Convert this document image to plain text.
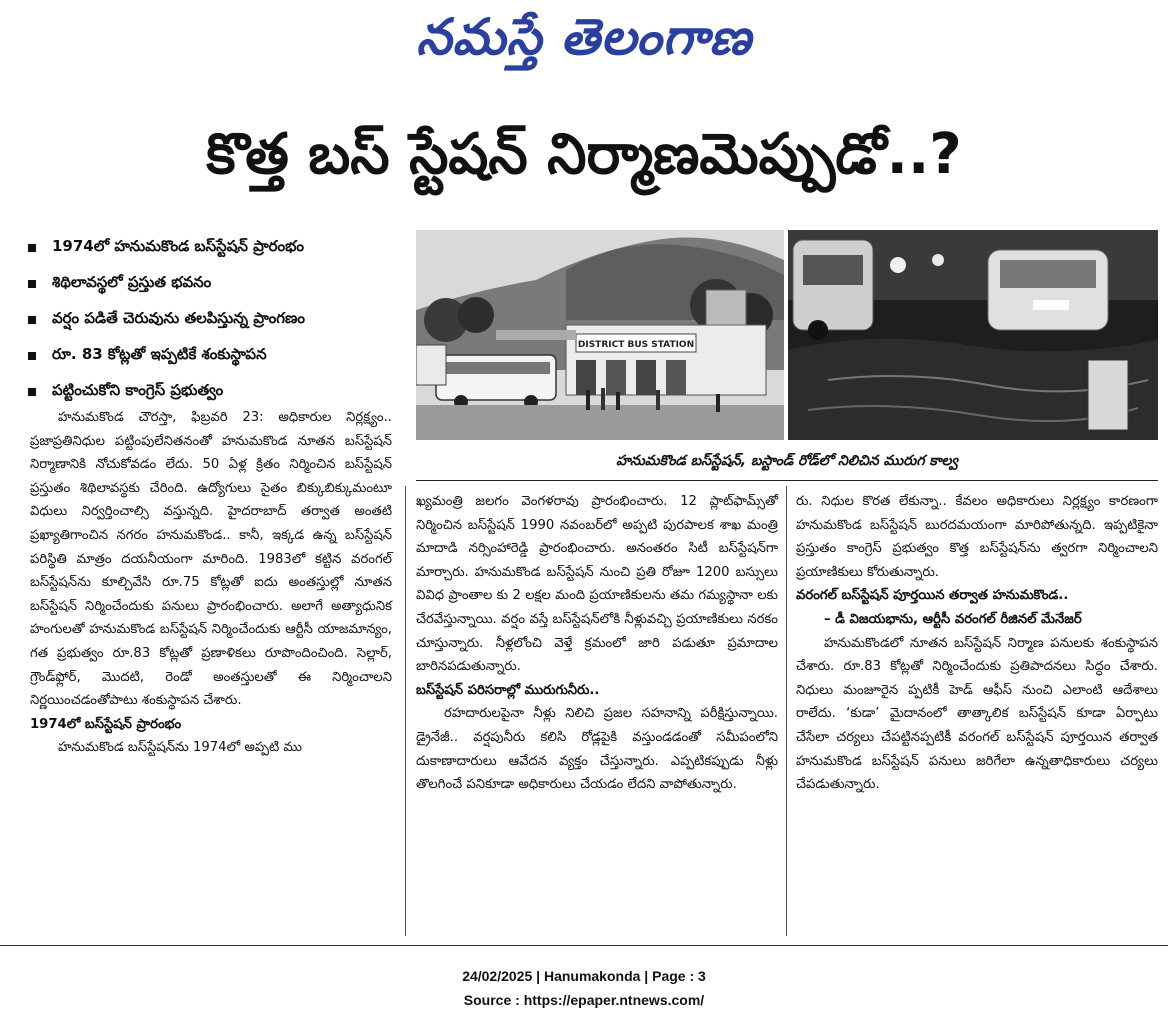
నమస్తే తెలంగాణ
కొత్త బస్ స్టేషన్ నిర్మాణమెప్పుడో..?
1974లో హనుమకొండ బస్‌స్టేషన్ ప్రారంభం
శిథిలావస్థలో ప్రస్తుత భవనం
వర్షం పడితే చెరువును తలపిస్తున్న ప్రాంగణం
రూ. 83 కోట్లతో ఇప్పటికే శంకుస్థాపన
పట్టించుకోని కాంగ్రెస్ ప్రభుత్వం
DISTRICT BUS STATION
హనుమకొండ బస్‌స్టేషన్, బస్టాండ్ రోడ్‌లో నిలిచిన మురుగ కాల్వ

హనుమకొండ చౌరస్తా, ఫిబ్రవరి 23: అధికారుల నిర్లక్ష్యం.. ప్రజాప్రతినిధుల పట్టింపులేనితనంతో హనుమకొండ నూతన బస్‌స్టేషన్ నిర్మాణానికి నోచుకోవడం లేదు. 50 ఏళ్ల క్రితం నిర్మించిన బస్‌స్టేషన్ ప్రస్తుతం శిథిలావస్థకు చేరింది. ఉద్యోగులు సైతం బిక్కుబిక్కుమంటూ విధులు నిర్వర్తించాల్సి వస్తున్నది. హైదరాబాద్ తర్వాత అంతటి ప్రఖ్యాతిగాంచిన నగరం హనుమకొండ.. కానీ, ఇక్కడ ఉన్న బస్‌స్టేషన్ పరిస్థితి మాత్రం దయనీయంగా మారింది. 1983లో కట్టిన వరంగల్ బస్‌స్టేషన్‌ను కూల్చివేసి రూ.75 కోట్లతో ఐదు అంతస్తుల్లో నూతన బస్‌స్టేషన్ నిర్మించేందుకు పనులు ప్రారంభించారు. అలాగే అత్యాధునిక హంగులతో హనుమకొండ బస్‌స్టేషన్ నిర్మించేందుకు ఆర్టీసీ యాజమాన్యం, గత ప్రభుత్వం రూ.83 కోట్లతో ప్రణాళికలు రూపొందించింది. సెల్లార్, గ్రౌండ్‌ఫ్లోర్, మొదటి, రెండో అంతస్తులతో ఈ నిర్మించాలని నిర్ణయించడంతోపాటు శంకుస్థాపన చేశారు.

1974లో బస్‌స్టేషన్ ప్రారంభం

హనుమకొండ బస్‌స్టేషన్‌ను 1974లో అప్పటి ము

ఖ్యమంత్రి జలగం వెంగళరావు ప్రారంభించారు. 12 ప్లాట్‌ఫామ్స్‌తో నిర్మించిన బస్‌స్టేషన్ 1990 నవంబర్‌లో అప్పటి పురపాలక శాఖ మంత్రి మాదాడి నర్సింహారెడ్డి ప్రారంభించారు. అనంతరం సిటీ బస్‌స్టేషన్‌గా మార్చారు. హనుమకొండ బస్‌స్టేషన్ నుంచి ప్రతి రోజూ 1200 బస్సులు వివిధ ప్రాంతాల కు 2 లక్షల మంది ప్రయాణికులను తమ గమ్యస్థానా లకు చేరవేస్తున్నాయి. వర్షం వస్తే బస్‌స్టేషన్‌లోకి నీళ్లువచ్చి ప్రయాణికులు నరకం చూస్తున్నారు. నీళ్లలోంచి వెళ్తే క్రమంలో జారి పడుతూ ప్రమాదాల బారినపడుతున్నారు.

బస్‌స్టేషన్ పరిసరాల్లో మురుగునీరు..

రహదారులపైనా నీళ్లు నిలిచి ప్రజల సహనాన్ని పరీక్షిస్తున్నాయి. డ్రైనేజీ.. వర్షపునీరు కలిసి రోడ్లపైకి వస్తుండడంతో సమీపంలోని దుకాణాదారులు ఆవేదన వ్యక్తం చేస్తున్నారు. ఎప్పటికప్పుడు నీళ్లు తొలగించే పనికూడా అధికారులు చేయడం లేదని వాపోతున్నారు.

రు. నిధుల కొరత లేకున్నా.. కేవలం అధికారులు నిర్లక్ష్యం కారణంగా హనుమకొండ బస్‌స్టేషన్ బురదమయంగా మారిపోతున్నది. ఇప్పటికైనా ప్రస్తుతం కాంగ్రెస్ ప్రభుత్వం కొత్త బస్‌స్టేషన్‌ను త్వరగా నిర్మించాలని ప్రయాణికులు కోరుతున్నారు.

వరంగల్ బస్‌స్టేషన్ పూర్తయిన తర్వాత హనుమకొండ..

– డీ విజయభాను, ఆర్టీసీ వరంగల్ రీజినల్ మేనేజర్

హనుమకొండలో నూతన బస్‌స్టేషన్ నిర్మాణ పనులకు శంకుస్థాపన చేశారు. రూ.83 కోట్లతో నిర్మించేందుకు ప్రతిపాదనలు సిద్ధం చేశారు. నిధులు మంజూరైన ప్పటికీ హెడ్ ఆఫీస్ నుంచి ఎలాంటి ఆదేశాలు రాలేదు. ‘కుడా’ మైదానంలో తాత్కాలిక బస్‌స్టేషన్ కూడా ఏర్పాటు చేసేలా చర్యలు చేపట్టినప్పటికీ వరంగల్ బస్‌స్టేషన్ పూర్తయిన తర్వాత హనుమకొండ బస్‌స్టేషన్ పనులు జరిగేలా ఉన్నతాధికారులు చర్యలు చేపడుతున్నారు.

24/02/2025 | Hanumakonda | Page : 3
Source : https://epaper.ntnews.com/
